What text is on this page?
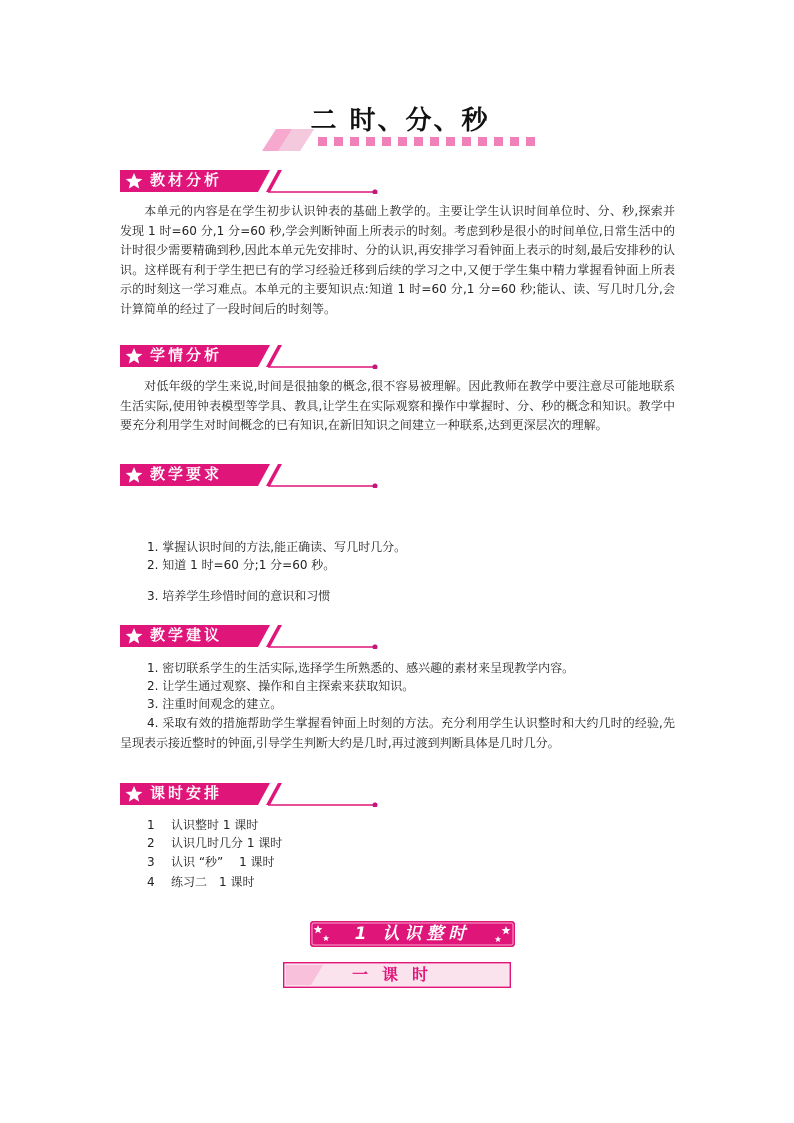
二 时、分、秒
教材分析

本单元的内容是在学生初步认识钟表的基础上教学的。主要让学生认识时间单位时、分、秒,探索并发现 1 时=60 分,1 分=60 秒,学会判断钟面上所表示的时刻。考虑到秒是很小的时间单位,日常生活中的计时很少需要精确到秒,因此本单元先安排时、分的认识,再安排学习看钟面上表示的时刻,最后安排秒的认识。这样既有利于学生把已有的学习经验迁移到后续的学习之中,又便于学生集中精力掌握看钟面上所表示的时刻这一学习难点。本单元的主要知识点:知道 1 时=60 分,1 分=60 秒;能认、读、写几时几分,会计算简单的经过了一段时间后的时刻等。

学情分析

对低年级的学生来说,时间是很抽象的概念,很不容易被理解。因此教师在教学中要注意尽可能地联系生活实际,使用钟表模型等学具、教具,让学生在实际观察和操作中掌握时、分、秒的概念和知识。教学中要充分利用学生对时间概念的已有知识,在新旧知识之间建立一种联系,达到更深层次的理解。

教学要求
1. 掌握认识时间的方法,能正确读、写几时几分。
2. 知道 1 时=60 分;1 分=60 秒。
3. 培养学生珍惜时间的意识和习惯
教学建议
1. 密切联系学生的生活实际,选择学生所熟悉的、感兴趣的素材来呈现教学内容。
2. 让学生通过观察、操作和自主探索来获取知识。
3. 注重时间观念的建立。

4. 采取有效的措施帮助学生掌握看钟面上时刻的方法。充分利用学生认识整时和大约几时的经验,先呈现表示接近整时的钟面,引导学生判断大约是几时,再过渡到判断具体是几时几分。

课时安排
1 认识整时 1 课时
2 认识几时几分 1 课时
3 认识 “秒”　 1 课时
4 练习二　1 课时
1 认识整时
一课时
